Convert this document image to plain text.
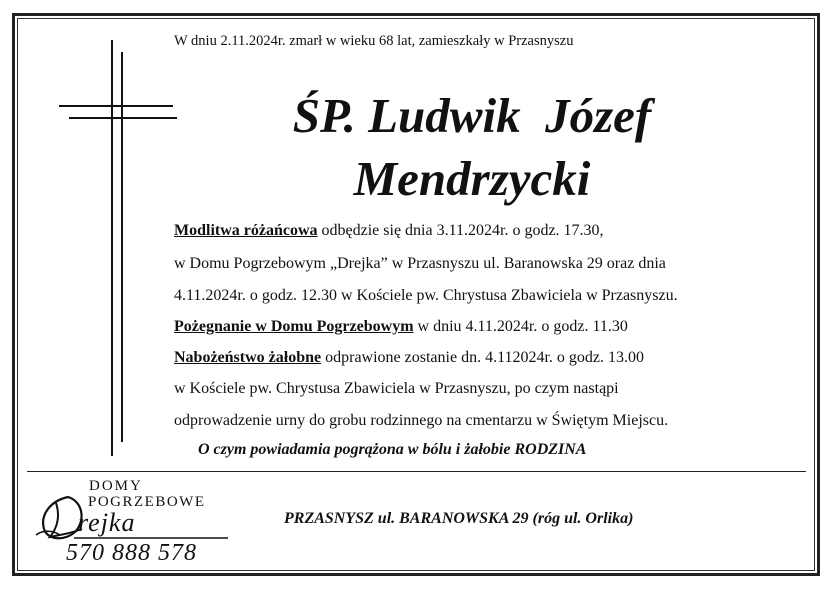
W dniu 2.11.2024r. zmarł w wieku 68 lat, zamieszkały w Przasnyszu
ŚP. Ludwik  Józef
Mendrzycki
Modlitwa różańcowa odbędzie się dnia 3.11.2024r. o godz. 17.30,
w Domu Pogrzebowym „Drejka” w Przasnyszu ul. Baranowska 29 oraz dnia
4.11.2024r. o godz. 12.30 w Kościele pw. Chrystusa Zbawiciela w Przasnyszu.
Pożegnanie w Domu Pogrzebowym w dniu 4.11.2024r. o godz. 11.30
Nabożeństwo żałobne odprawione zostanie dn. 4.112024r. o godz. 13.00
w Kościele pw. Chrystusa Zbawiciela w Przasnyszu, po czym nastąpi
odprowadzenie urny do grobu rodzinnego na cmentarzu w Świętym Miejscu.
O czym powiadamia pogrążona w bólu i żałobie RODZINA
DOMY
POGRZEBOWE
rejka
570 888 578
PRZASNYSZ ul. BARANOWSKA 29 (róg ul. Orlika)
